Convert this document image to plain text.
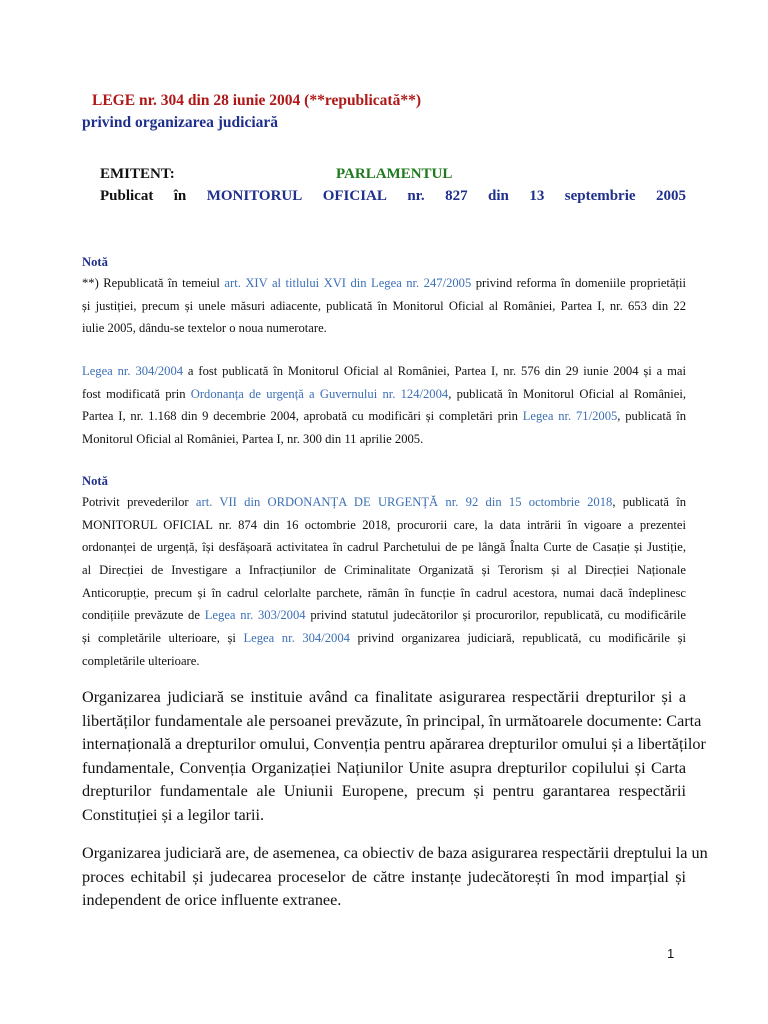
LEGE nr. 304 din 28 iunie 2004 (**republicată**)
privind organizarea judiciară
EMITENT:	PARLAMENTUL
Publicat în MONITORUL OFICIAL nr. 827 din 13 septembrie 2005
Notă
**) Republicată în temeiul art. XIV al titlului XVI din Legea nr. 247/2005 privind reforma în domeniile proprietății
și justiției, precum și unele măsuri adiacente, publicată în Monitorul Oficial al României, Partea I, nr. 653 din 22
iulie 2005, dându-se textelor o noua numerotare.
Legea nr. 304/2004 a fost publicată în Monitorul Oficial al României, Partea I, nr. 576 din 29 iunie 2004 și a mai
fost modificată prin Ordonanța de urgență a Guvernului nr. 124/2004, publicată în Monitorul Oficial al României,
Partea I, nr. 1.168 din 9 decembrie 2004, aprobată cu modificări și completări prin Legea nr. 71/2005, publicată în
Monitorul Oficial al României, Partea I, nr. 300 din 11 aprilie 2005.
Notă
Potrivit prevederilor art. VII din ORDONANȚA DE URGENȚĂ nr. 92 din 15 octombrie 2018, publicată în
MONITORUL OFICIAL nr. 874 din 16 octombrie 2018, procurorii care, la data intrării în vigoare a prezentei
ordonanței de urgență, își desfășoară activitatea în cadrul Parchetului de pe lângă Înalta Curte de Casație și Justiție,
al Direcției de Investigare a Infracțiunilor de Criminalitate Organizată și Terorism și al Direcției Naționale
Anticorupție, precum și în cadrul celorlalte parchete, rămân în funcție în cadrul acestora, numai dacă îndeplinesc
condițiile prevăzute de Legea nr. 303/2004 privind statutul judecătorilor și procurorilor, republicată, cu modificările
și completările ulterioare, și Legea nr. 304/2004 privind organizarea judiciară, republicată, cu modificările și
completările ulterioare.
Organizarea judiciară se instituie având ca finalitate asigurarea respectării drepturilor și a
libertăților fundamentale ale persoanei prevăzute, în principal, în următoarele documente: Carta
internațională a drepturilor omului, Convenția pentru apărarea drepturilor omului și a libertăților
fundamentale, Convenția Organizației Națiunilor Unite asupra drepturilor copilului și Carta
drepturilor fundamentale ale Uniunii Europene, precum și pentru garantarea respectării
Constituției și a legilor tarii.
Organizarea judiciară are, de asemenea, ca obiectiv de baza asigurarea respectării dreptului la un
proces echitabil și judecarea proceselor de către instanțe judecătorești în mod imparțial și
independent de orice influente extranee.
1
